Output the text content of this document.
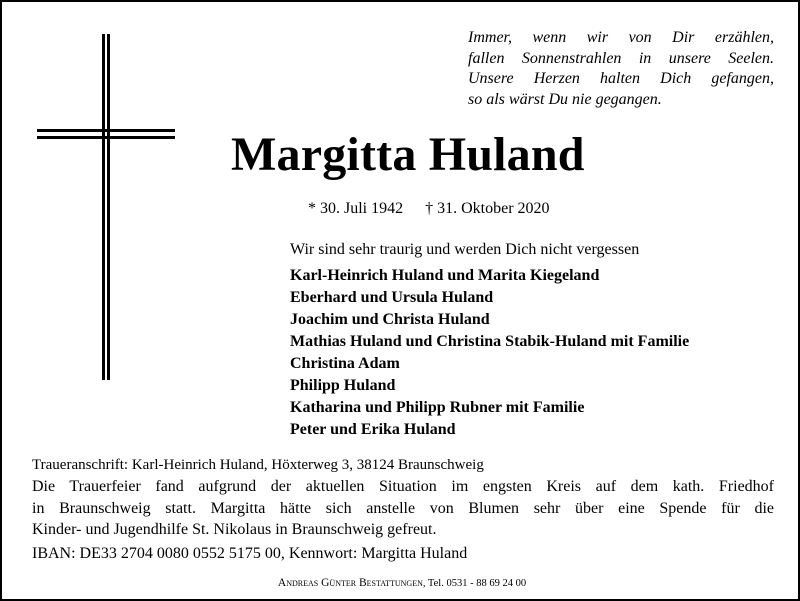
Immer, wenn wir von Dir erzählen,
fallen Sonnenstrahlen in unsere Seelen.
Unsere Herzen halten Dich gefangen,
so als wärst Du nie gegangen.
Margitta Huland
* 30. Juli 1942 † 31. Oktober 2020
Wir sind sehr traurig und werden Dich nicht vergessen
Karl-Heinrich Huland und Marita Kiegeland
Eberhard und Ursula Huland
Joachim und Christa Huland
Mathias Huland und Christina Stabik-Huland mit Familie
Christina Adam
Philipp Huland
Katharina und Philipp Rubner mit Familie
Peter und Erika Huland
Traueranschrift: Karl-Heinrich Huland, Höxterweg 3, 38124 Braunschweig
Die Trauerfeier fand aufgrund der aktuellen Situation im engsten Kreis auf dem kath. Friedhof
in Braunschweig statt. Margitta hätte sich anstelle von Blumen sehr über eine Spende für die
Kinder- und Jugendhilfe St. Nikolaus in Braunschweig gefreut.
IBAN: DE33 2704 0080 0552 5175 00, Kennwort: Margitta Huland
Andreas Günter Bestattungen, Tel. 0531 - 88 69 24 00
